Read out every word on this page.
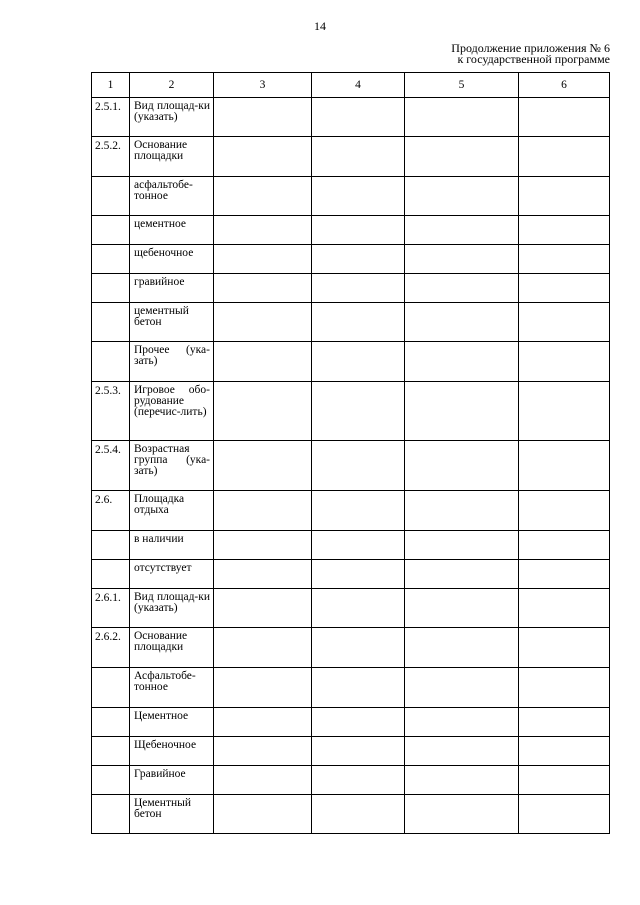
14
Продолжение приложения № 6
к государственной программе
1	2	3	4	5	6
2.5.1.	Вид площад-ки (указать)				

2.5.2.	Основание площадки				

	асфальтобе-тонное				

	цементное				

	щебеночное				

	гравийное				

	цементный бетон				

	Прочее (ука-зать)				

2.5.3.	Игровое обо-рудование (перечис-лить)				

2.5.4.	Возрастная группа (ука-зать)				

2.6.	Площадка отдыха				

	в наличии				

	отсутствует				

2.6.1.	Вид площад-ки (указать)				

2.6.2.	Основание площадки				

	Асфальтобе-тонное				

	Цементное				

	Щебеночное				

	Гравийное				

	Цементный бетон				
